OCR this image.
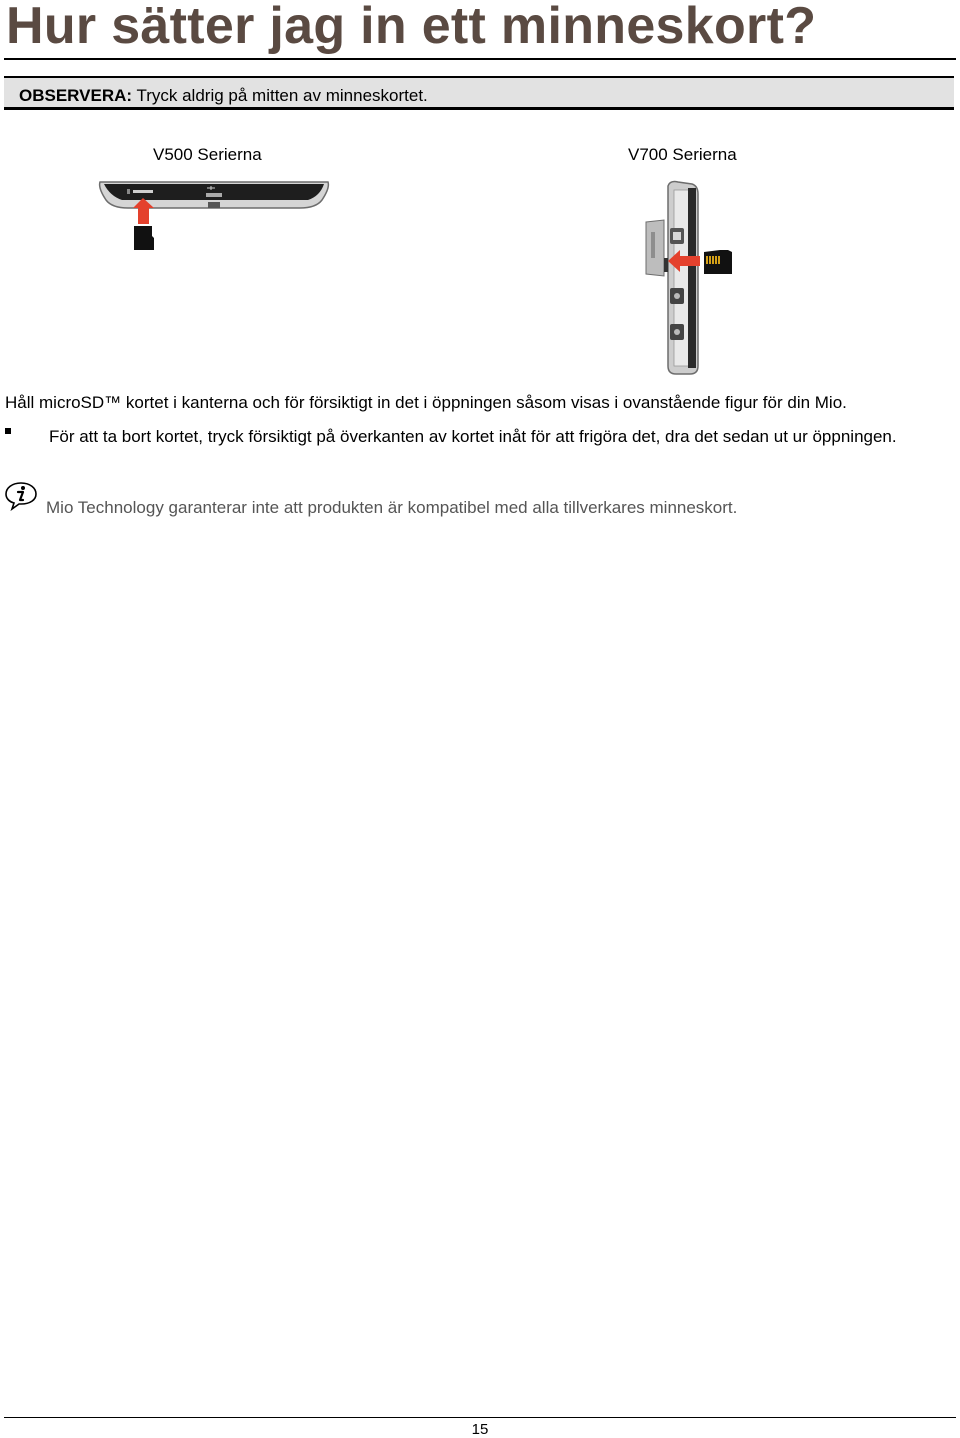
Hur sätter jag in ett minneskort?
OBSERVERA: Tryck aldrig på mitten av minneskortet.
V500 Serierna	V700 Serierna
Håll microSD™ kortet i kanterna och för försiktigt in det i öppningen såsom visas i ovanstående figur för din Mio.
För att ta bort kortet, tryck försiktigt på överkanten av kortet inåt för att frigöra det, dra det sedan ut ur öppningen.
Mio Technology garanterar inte att produkten är kompatibel med alla tillverkares minneskort.
15
